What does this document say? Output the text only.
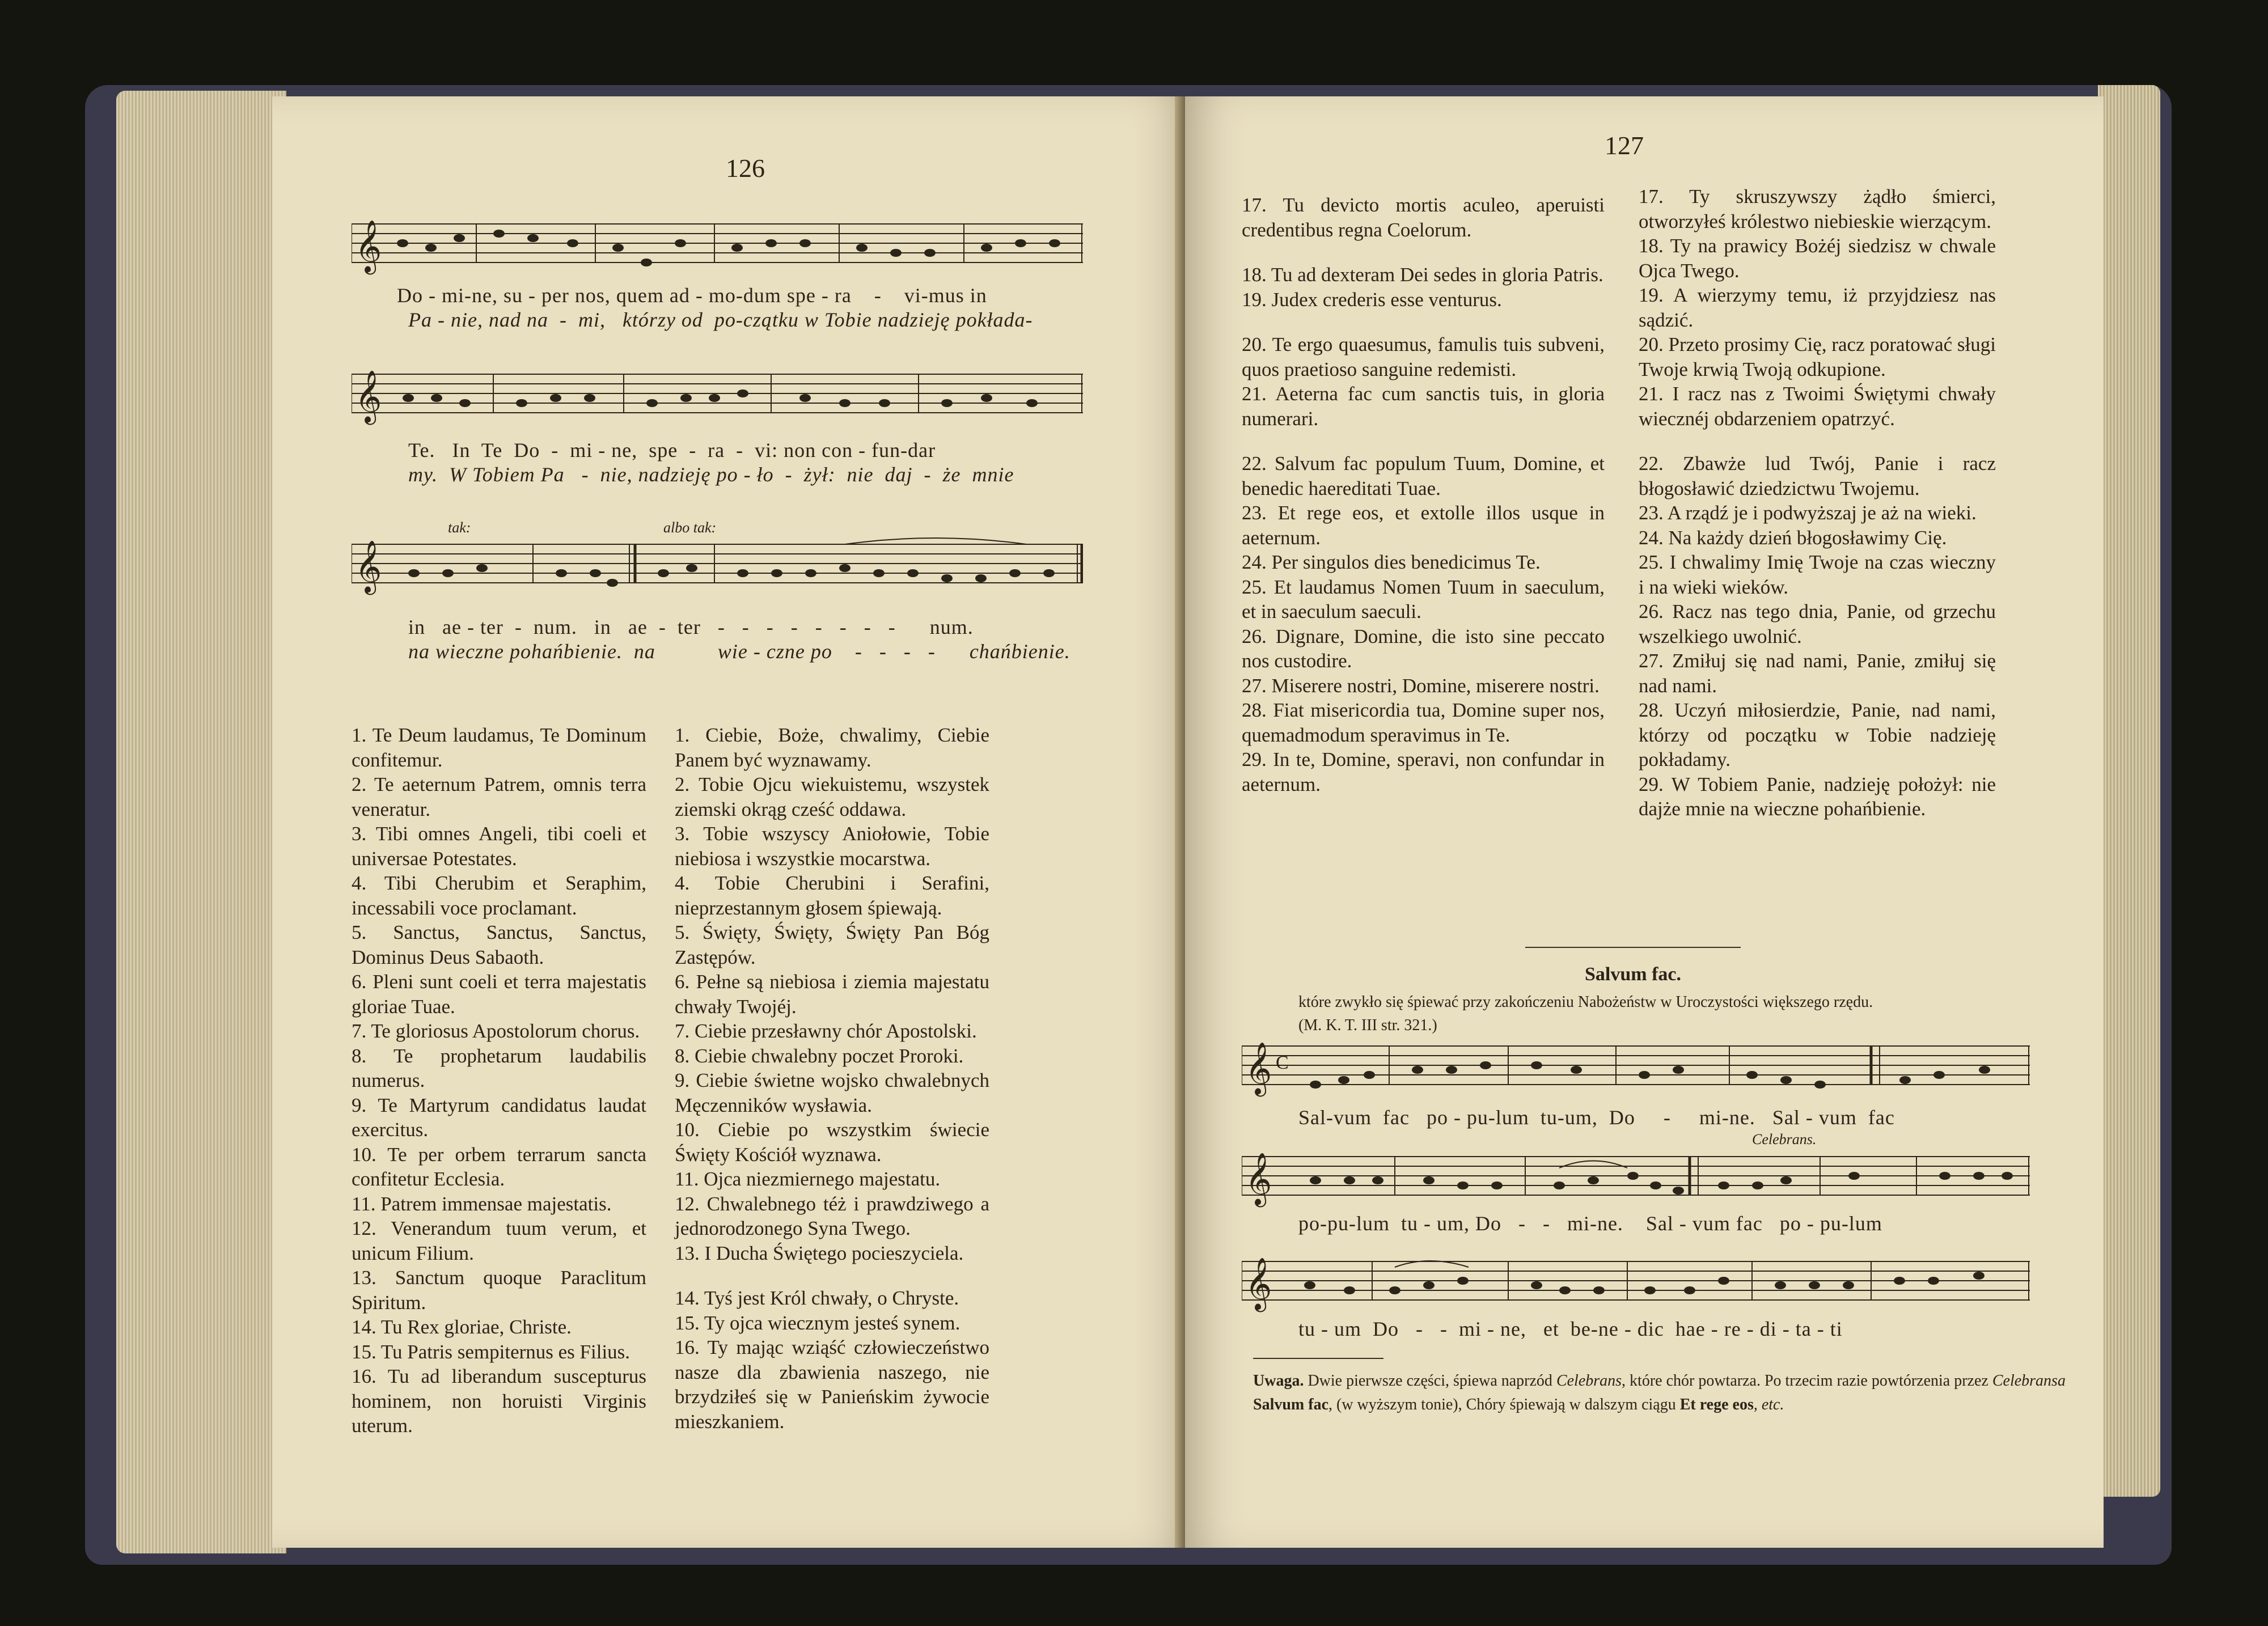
126
𝄞
Do - mi-ne, su - per nos, quem ad - mo-dum spe - ra    -    vi-mus in
Pa - nie, nad na  -  mi,   którzy od  po-czątku w Tobie nadzieję pokłada-
𝄞
Te.   In  Te  Do  -  mi - ne,  spe  -  ra  -  vi: non con - fun-dar
my.  W Tobiem Pa   -  nie, nadzieję po - ło  -  żył:  nie  daj  -  że  mnie
tak:	albo tak:
𝄞
in   ae - ter  -  num.   in   ae  -  ter   -   -   -   -   -   -   -   -      num.
na wieczne pohańbienie.  na           wie - czne po    -   -   -   -      chańbienie.

1. Te Deum laudamus, Te Dominum confitemur.

2. Te aeternum Patrem, omnis terra veneratur.

3. Tibi omnes Angeli, tibi coeli et universae Potestates.

4. Tibi Cherubim et Seraphim, incessabili voce proclamant.

5. Sanctus, Sanctus, Sanctus, Dominus Deus Sabaoth.

6. Pleni sunt coeli et terra majestatis gloriae Tuae.

7. Te gloriosus Apostolorum chorus.

8. Te prophetarum laudabilis numerus.

9. Te Martyrum candidatus laudat exercitus.

10. Te per orbem terrarum sancta confitetur Ecclesia.

11. Patrem immensae majestatis.

12. Venerandum tuum verum, et unicum Filium.

13. Sanctum quoque Paraclitum Spiritum.

14. Tu Rex gloriae, Christe.

15. Tu Patris sempiternus es Filius.

16. Tu ad liberandum suscepturus hominem, non horuisti Virginis uterum.

1. Ciebie, Boże, chwalimy, Ciebie Panem być wyznawamy.

2. Tobie Ojcu wiekuistemu, wszystek ziemski okrąg cześć oddawa.

3. Tobie wszyscy Aniołowie, Tobie niebiosa i wszystkie mocarstwa.

4. Tobie Cherubini i Serafini, nieprzestannym głosem śpiewają.

5. Święty, Święty, Święty Pan Bóg Zastępów.

6. Pełne są niebiosa i ziemia majestatu chwały Twojéj.

7. Ciebie przesławny chór Apostolski.

8. Ciebie chwalebny poczet Proroki.

9. Ciebie świetne wojsko chwalebnych Męczenników wysławia.

10. Ciebie po wszystkim świecie Święty Kościół wyznawa.

11. Ojca niezmiernego majestatu.

12. Chwalebnego téż i prawdziwego a jednorodzonego Syna Twego.

13. I Ducha Świętego pocieszyciela.

14. Tyś jest Król chwały, o Chryste.

15. Ty ojca wiecznym jesteś synem.

16. Ty mając wziąść człowieczeństwo nasze dla zbawienia naszego, nie brzydziłeś się w Panieńskim żywocie mieszkaniem.

127

17. Tu devicto mortis aculeo, aperuisti credentibus regna Coelorum.

18. Tu ad dexteram Dei sedes in gloria Patris.

19. Judex crederis esse venturus.

20. Te ergo quaesumus, famulis tuis subveni, quos praetioso sanguine redemisti.

21. Aeterna fac cum sanctis tuis, in gloria numerari.

22. Salvum fac populum Tuum, Domine, et benedic haereditati Tuae.

23. Et rege eos, et extolle illos usque in aeternum.

24. Per singulos dies benedicimus Te.

25. Et laudamus Nomen Tuum in saeculum, et in saeculum saeculi.

26. Dignare, Domine, die isto sine peccato nos custodire.

27. Miserere nostri, Domine, miserere nostri.

28. Fiat misericordia tua, Domine super nos, quemadmodum speravimus in Te.

29. In te, Domine, speravi, non confundar in aeternum.

17. Ty skruszywszy żądło śmierci, otworzyłeś królestwo niebieskie wierzącym.

18. Ty na prawicy Bożéj siedzisz w chwale Ojca Twego.

19. A wierzymy temu, iż przyjdziesz nas sądzić.

20. Przeto prosimy Cię, racz poratować sługi Twoje krwią Twoją odkupione.

21. I racz nas z Twoimi Świętymi chwały wiecznéj obdarzeniem opatrzyć.

22. Zbawże lud Twój, Panie i racz błogosławić dziedzictwu Twojemu.

23. A rządź je i podwyższaj je aż na wieki.

24. Na każdy dzień błogosławimy Cię.

25. I chwalimy Imię Twoje na czas wieczny i na wieki wieków.

26. Racz nas tego dnia, Panie, od grzechu wszelkiego uwolnić.

27. Zmiłuj się nad nami, Panie, zmiłuj się nad nami.

28. Uczyń miłosierdzie, Panie, nad nami, którzy od początku w Tobie nadzieję pokładamy.

29. W Tobiem Panie, nadzieję położył: nie dajże mnie na wieczne pohańbienie.

Salvum fac.
które zwykło się śpiewać przy zakończeniu Nabożeństw w Uroczystości większego rzędu.
(M. K. T. III str. 321.)
𝄞 C
Sal-vum  fac   po - pu-lum  tu-um,  Do     -     mi-ne.   Sal - vum  fac
Celebrans.
𝄞
po-pu-lum  tu - um, Do   -   -   mi-ne.    Sal - vum fac   po - pu-lum
𝄞
tu - um  Do   -   -  mi - ne,   et  be-ne - dic  hae - re - di - ta - ti
Uwaga. Dwie pierwsze części, śpiewa naprzód Celebrans, które chór powtarza. Po trzecim razie powtórzenia przez Celebransa Salvum fac, (w wyższym tonie), Chóry śpiewają w dalszym ciągu Et rege eos, etc.
